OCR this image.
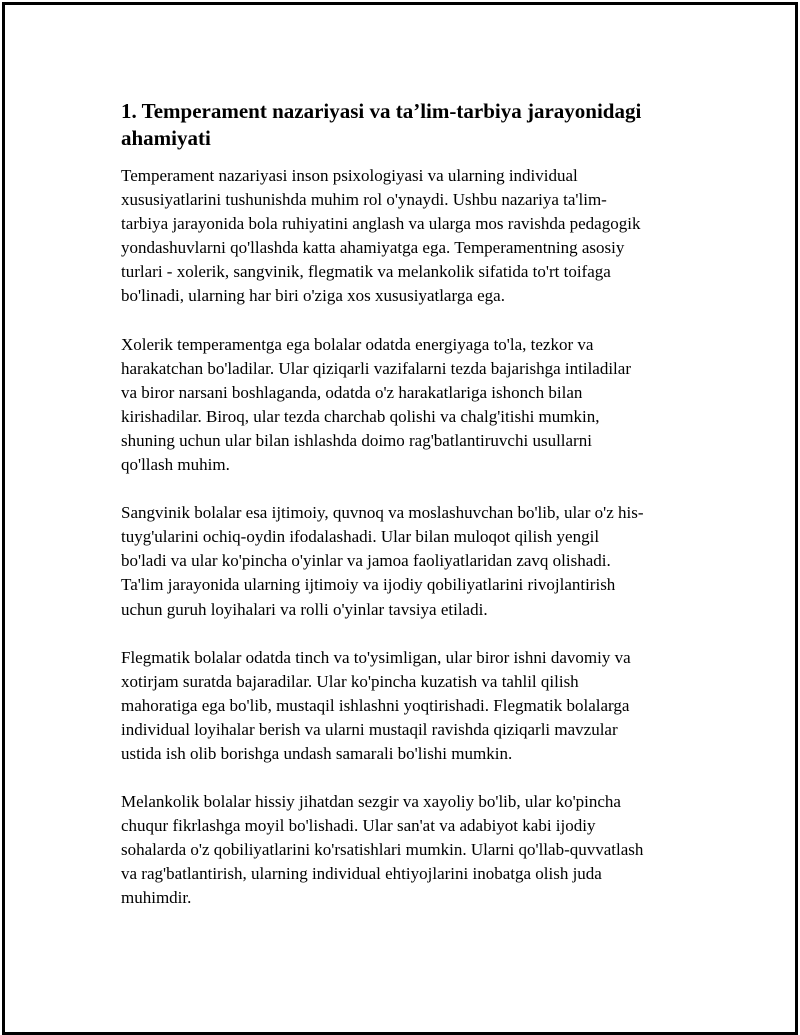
1. Temperament nazariyasi va ta’lim-tarbiya jarayonidagi
ahamiyati

Temperament nazariyasi inson psixologiyasi va ularning individual
xususiyatlarini tushunishda muhim rol o'ynaydi. Ushbu nazariya ta'lim-
tarbiya jarayonida bola ruhiyatini anglash va ularga mos ravishda pedagogik
yondashuvlarni qo'llashda katta ahamiyatga ega. Temperamentning asosiy
turlari - xolerik, sangvinik, flegmatik va melankolik sifatida to'rt toifaga
bo'linadi, ularning har biri o'ziga xos xususiyatlarga ega.

Xolerik temperamentga ega bolalar odatda energiyaga to'la, tezkor va
harakatchan bo'ladilar. Ular qiziqarli vazifalarni tezda bajarishga intiladilar
va biror narsani boshlaganda, odatda o'z harakatlariga ishonch bilan
kirishadilar. Biroq, ular tezda charchab qolishi va chalg'itishi mumkin,
shuning uchun ular bilan ishlashda doimo rag'batlantiruvchi usullarni
qo'llash muhim.

Sangvinik bolalar esa ijtimoiy, quvnoq va moslashuvchan bo'lib, ular o'z his-
tuyg'ularini ochiq-oydin ifodalashadi. Ular bilan muloqot qilish yengil
bo'ladi va ular ko'pincha o'yinlar va jamoa faoliyatlaridan zavq olishadi.
Ta'lim jarayonida ularning ijtimoiy va ijodiy qobiliyatlarini rivojlantirish
uchun guruh loyihalari va rolli o'yinlar tavsiya etiladi.

Flegmatik bolalar odatda tinch va to'ysimligan, ular biror ishni davomiy va
xotirjam suratda bajaradilar. Ular ko'pincha kuzatish va tahlil qilish
mahoratiga ega bo'lib, mustaqil ishlashni yoqtirishadi. Flegmatik bolalarga
individual loyihalar berish va ularni mustaqil ravishda qiziqarli mavzular
ustida ish olib borishga undash samarali bo'lishi mumkin.

Melankolik bolalar hissiy jihatdan sezgir va xayoliy bo'lib, ular ko'pincha
chuqur fikrlashga moyil bo'lishadi. Ular san'at va adabiyot kabi ijodiy
sohalarda o'z qobiliyatlarini ko'rsatishlari mumkin. Ularni qo'llab-quvvatlash
va rag'batlantirish, ularning individual ehtiyojlarini inobatga olish juda
muhimdir.
